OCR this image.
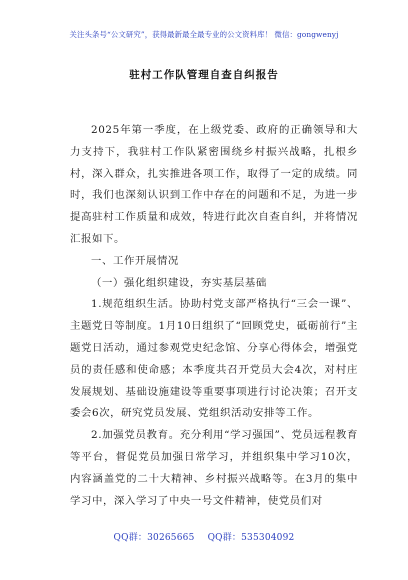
关注头条号“公文研究”，获得最新最全最专业的公文资料库！ 微信：gongwenyj
驻村工作队管理自查自纠报告

2025年第一季度，在上级党委、政府的正确领导和大力支持下，我驻村工作队紧密围绕乡村振兴战略，扎根乡村，深入群众，扎实推进各项工作，取得了一定的成绩。同时，我们也深刻认识到工作中存在的问题和不足，为进一步提高驻村工作质量和成效，特进行此次自查自纠，并将情况汇报如下。

一、工作开展情况

（一）强化组织建设，夯实基层基础

1.规范组织生活。协助村党支部严格执行“三会一课”、主题党日等制度。1月10日组织了“回顾党史，砥砺前行”主题党日活动，通过参观党史纪念馆、分享心得体会，增强党员的责任感和使命感；本季度共召开党员大会4次，对村庄发展规划、基础设施建设等重要事项进行讨论决策；召开支委会6次，研究党员发展、党组织活动安排等工作。

2.加强党员教育。充分利用“学习强国”、党员远程教育等平台，督促党员加强日常学习，并组织集中学习10次，内容涵盖党的二十大精神、乡村振兴战略等。在3月的集中学习中，深入学习了中央一号文件精神，使党员们对

QQ群：30265665 QQ群：535304092
